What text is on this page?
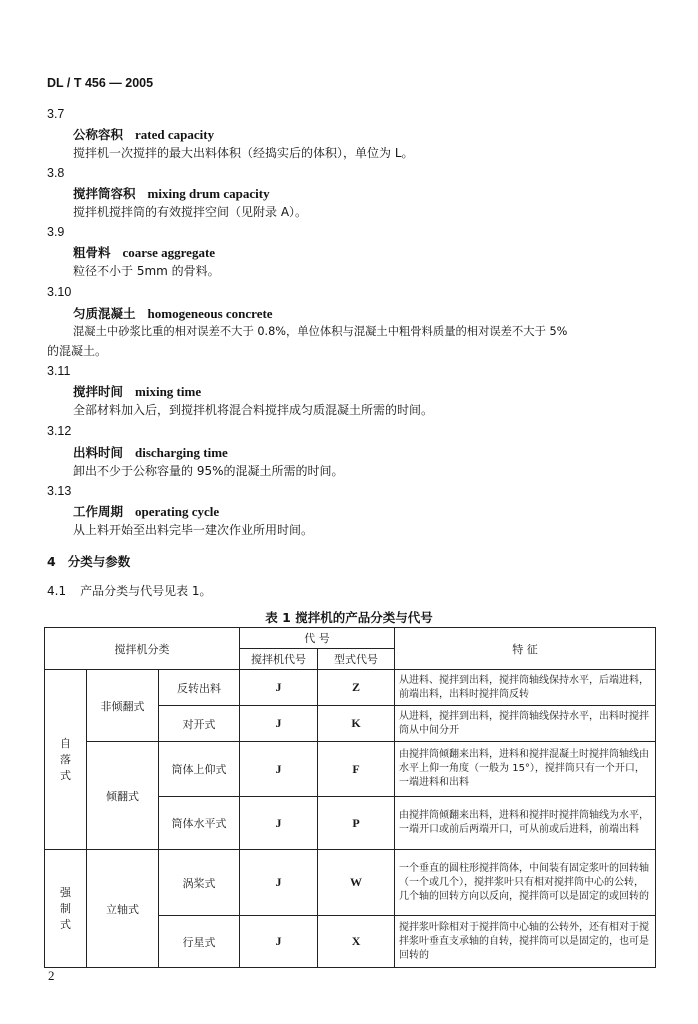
DL / T 456 — 2005
3.7
公称容积 rated capacity
搅拌机一次搅拌的最大出料体积（经捣实后的体积），单位为 L。
3.8
搅拌筒容积 mixing drum capacity
搅拌机搅拌筒的有效搅拌空间（见附录 A）。
3.9
粗骨料 coarse aggregate
粒径不小于 5mm 的骨料。
3.10
匀质混凝土 homogeneous concrete
混凝土中砂浆比重的相对误差不大于 0.8%，单位体积与混凝土中粗骨料质量的相对误差不大于 5%
的混凝土。
3.11
搅拌时间 mixing time
全部材料加入后，到搅拌机将混合料搅拌成匀质混凝土所需的时间。
3.12
出料时间 discharging time
卸出不少于公称容量的 95%的混凝土所需的时间。
3.13
工作周期 operating cycle
从上料开始至出料完毕一建次作业所用时间。
4 分类与参数
4.1 产品分类与代号见表 1。
表 1 搅拌机的产品分类与代号
搅拌机分类			代 号		特 征
			搅拌机代号	型式代号	

自落式	非倾翻式	反转出料	J	Z	从进料、搅拌到出料，搅拌筒轴线保持水平，后端进料，前端出料，出料时搅拌筒反转
		对开式	J	K	从进料，搅拌到出料，搅拌筒轴线保持水平，出料时搅拌筒从中间分开
	倾翻式	筒体上仰式	J	F	由搅拌筒倾翻来出料，进料和搅拌混凝土时搅拌筒轴线由水平上仰一角度（一般为 15°），搅拌筒只有一个开口，一端进料和出料
		筒体水平式	J	P	由搅拌筒倾翻来出料，进料和搅拌时搅拌筒轴线为水平，一端开口或前后两端开口，可从前或后进料，前端出料

强制式	立轴式	涡桨式	J	W	一个垂直的圆柱形搅拌筒体，中间装有固定浆叶的回转轴（一个或几个），搅拌浆叶只有相对搅拌筒中心的公转，几个轴的回转方向以反向，搅拌筒可以是固定的或回转的
		行星式	J	X	搅拌浆叶除相对于搅拌筒中心轴的公转外，还有相对于搅拌浆叶垂直支承轴的自转，搅拌筒可以是固定的，也可是回转的
2
